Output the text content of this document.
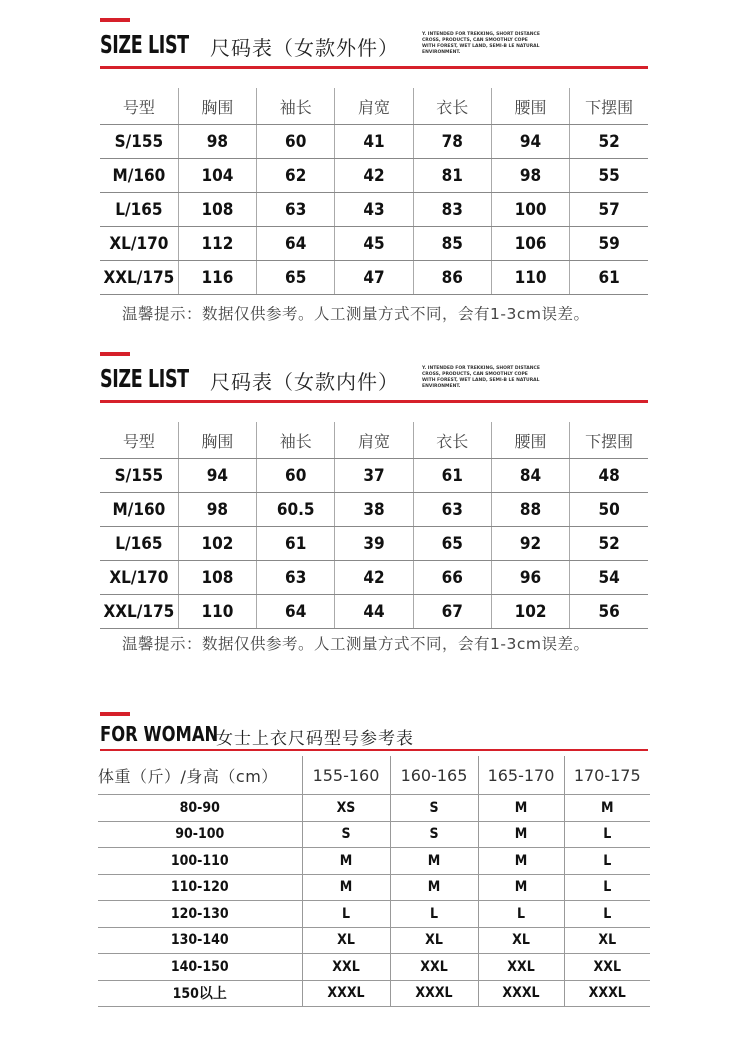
SIZE LIST 尺码表（女款外件）
Y. INTENDED FOR TREKKING, SHORT DISTANCE CROSS, PRODUCTS, CAN SMOOTHLY COPE WITH FOREST, WET LAND, SEMI-B LE NATURAL ENVIRONMENT.
号型	胸围	袖长	肩宽	衣长	腰围	下摆围
S/155	98	60	41	78	94	52
M/160	104	62	42	81	98	55
L/165	108	63	43	83	100	57
XL/170	112	64	45	85	106	59
XXL/175	116	65	47	86	110	61
温馨提示：数据仅供参考。人工测量方式不同，会有1-3cm误差。
SIZE LIST 尺码表（女款内件）
Y. INTENDED FOR TREKKING, SHORT DISTANCE CROSS, PRODUCTS, CAN SMOOTHLY COPE WITH FOREST, WET LAND, SEMI-B LE NATURAL ENVIRONMENT.
号型	胸围	袖长	肩宽	衣长	腰围	下摆围
S/155	94	60	37	61	84	48
M/160	98	60.5	38	63	88	50
L/165	102	61	39	65	92	52
XL/170	108	63	42	66	96	54
XXL/175	110	64	44	67	102	56
温馨提示：数据仅供参考。人工测量方式不同，会有1-3cm误差。
FOR WOMAN
女士上衣尺码型号参考表
体重（斤）/身高（cm）	155-160	160-165	165-170	170-175
80-90	XS	S	M	M
90-100	S	S	M	L
100-110	M	M	M	L
110-120	M	M	M	L
120-130	L	L	L	L
130-140	XL	XL	XL	XL
140-150	XXL	XXL	XXL	XXL
150以上	XXXL	XXXL	XXXL	XXXL
